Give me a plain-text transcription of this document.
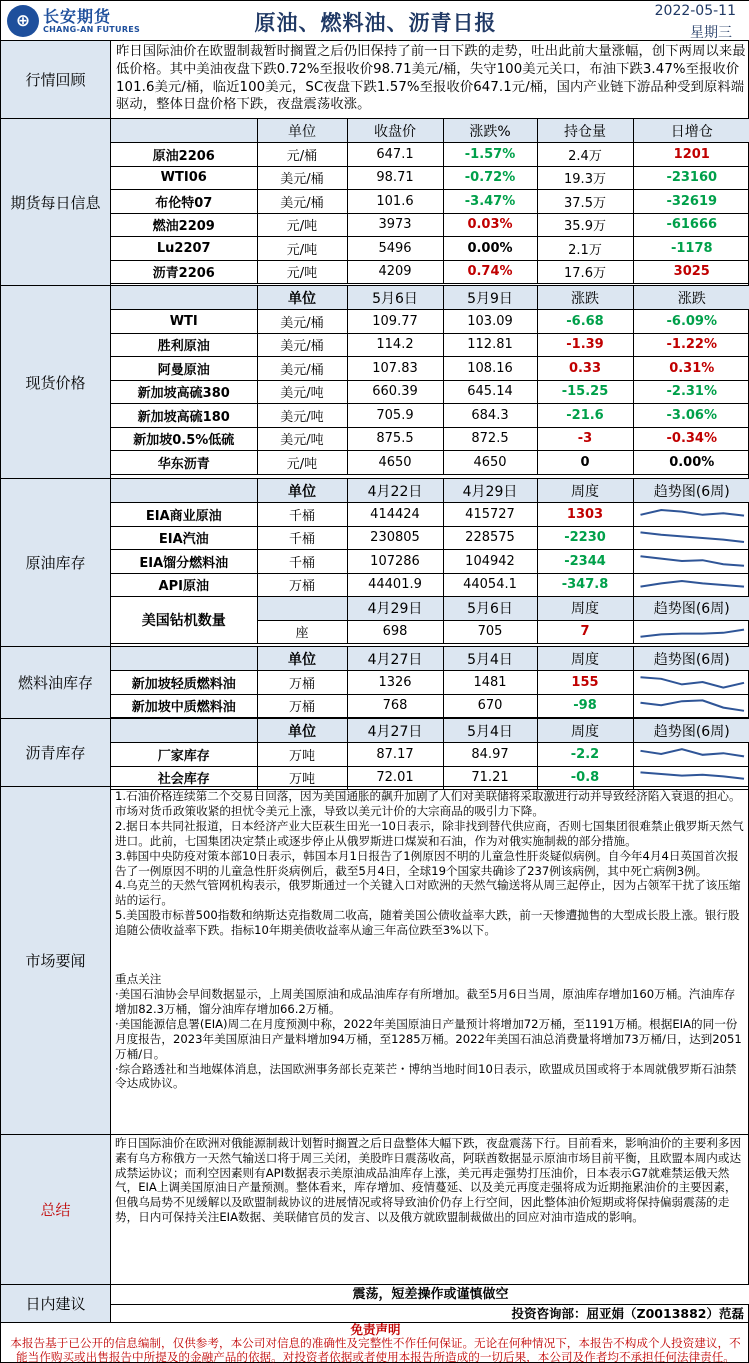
⊕ 长安期货
CHANG-AN FUTURES	原油、燃料油、沥青日报	2022-05-11
星期三
行情回顾
昨日国际油价在欧盟制裁暂时搁置之后仍旧保持了前一日下跌的走势，吐出此前大量涨幅，创下两周以来最低价格。其中美油夜盘下跌0.72%至报收价98.71美元/桶，失守100美元关口，布油下跌3.47%至报收价101.6美元/桶，临近100美元，SC夜盘下跌1.57%至报收价647.1元/桶，国内产业链下游品种受到原料端驱动，整体日盘价格下跌，夜盘震荡收涨。
期货每日信息
	单位	收盘价	涨跌%	持仓量	日增仓
原油2206	元/桶	647.1	-1.57%	2.4万	1201
WTI06	美元/桶	98.71	-0.72%	19.3万	-23160
布伦特07	美元/桶	101.6	-3.47%	37.5万	-32619
燃油2209	元/吨	3973	0.03%	35.9万	-61666
Lu2207	元/吨	5496	0.00%	2.1万	-1178
沥青2206	元/吨	4209	0.74%	17.6万	3025
现货价格
	单位	5月6日	5月9日	涨跌	涨跌
WTI	美元/桶	109.77	103.09	-6.68	-6.09%
胜利原油	美元/桶	114.2	112.81	-1.39	-1.22%
阿曼原油	美元/桶	107.83	108.16	0.33	0.31%
新加坡高硫380	美元/吨	660.39	645.14	-15.25	-2.31%
新加坡高硫180	美元/吨	705.9	684.3	-21.6	-3.06%
新加坡0.5%低硫	美元/吨	875.5	872.5	-3	-0.34%
华东沥青	元/吨	4650	4650	0	0.00%
原油库存
	单位	4月22日	4月29日	周度	趋势图(6周)
EIA商业原油	千桶	414424	415727	1303	

EIA汽油	千桶	230805	228575	-2230	

EIA馏分燃料油	千桶	107286	104942	-2344	

API原油	万桶	44401.9	44054.1	-347.8	

美国钻机数量		4月29日	5月6日	周度	趋势图(6周)
	座	698	705	7	
燃料油库存
	单位	4月27日	5月4日	周度	趋势图(6周)
新加坡轻质燃料油	万桶	1326	1481	155	

新加坡中质燃料油	万桶	768	670	-98	
沥青库存
	单位	4月27日	5月4日	周度	趋势图(6周)
厂家库存	万吨	87.17	84.97	-2.2	

社会库存	万吨	72.01	71.21	-0.8	
市场要闻

1.石油价格连续第二个交易日回落，因为美国通胀的飙升加剧了人们对美联储将采取激进行动并导致经济陷入衰退的担心。市场对货币政策收紧的担忧令美元上涨，导致以美元计价的大宗商品的吸引力下降。

2.据日本共同社报道，日本经济产业大臣萩生田光一10日表示，除非找到替代供应商，否则七国集团很难禁止俄罗斯天然气进口。此前，七国集团决定禁止或逐步停止从俄罗斯进口煤炭和石油，作为对俄实施制裁的部分措施。

3.韩国中央防疫对策本部10日表示，韩国本月1日报告了1例原因不明的儿童急性肝炎疑似病例。自今年4月4日英国首次报告了一例原因不明的儿童急性肝炎病例后，截至5月4日，全球19个国家共确诊了237例该病例，其中死亡病例3例。

4.乌克兰的天然气管网机构表示，俄罗斯通过一个关键入口对欧洲的天然气输送将从周三起停止，因为占领军干扰了该压缩站的运行。

5.美国股市标普500指数和纳斯达克指数周二收高，随着美国公债收益率大跌，前一天惨遭抛售的大型成长股上涨。银行股追随公债收益率下跌。指标10年期美债收益率从逾三年高位跌至3%以下。

重点关注

·美国石油协会早间数据显示，上周美国原油和成品油库存有所增加。截至5月6日当周，原油库存增加160万桶。汽油库存增加82.3万桶，馏分油库存增加66.2万桶。

·美国能源信息署(EIA)周二在月度预测中称，2022年美国原油日产量预计将增加72万桶，至1191万桶。根据EIA的同一份月度报告，2023年美国原油日产量料增加94万桶，至1285万桶。2022年美国石油总消费量将增加73万桶/日，达到2051万桶/日。

·综合路透社和当地媒体消息，法国欧洲事务部长克莱芒・博纳当地时间10日表示，欧盟成员国或将于本周就俄罗斯石油禁令达成协议。

总结
昨日国际油价在欧洲对俄能源制裁计划暂时搁置之后日盘整体大幅下跌，夜盘震荡下行。目前看来，影响油价的主要利多因素有乌方称俄方一天然气输送口将于周三关闭，美股昨日震荡收高，阿联酋数据显示原油市场目前平衡，且欧盟本周内或达成禁运协议；而利空因素则有API数据表示美原油成品油库存上涨，美元再走强势打压油价，日本表示G7就难禁运俄天然气，EIA上调美国原油日产量预测。整体看来，库存增加、疫情蔓延、以及美元再度走强将成为近期拖累油价的主要因素，但俄乌局势不见缓解以及欧盟制裁协议的进展情况或将导致油价仍存上行空间，因此整体油价短期或将保持偏弱震荡的走势，日内可保持关注EIA数据、美联储官员的发言、以及俄方就欧盟制裁做出的回应对油市造成的影响。
日内建议
震荡，短差操作或谨慎做空
投资咨询部：屈亚娟（Z0013882）范磊
免责声明
本报告基于已公开的信息编制，仅供参考，本公司对信息的准确性及完整性不作任何保证。无论在何种情况下，本报告不构成个人投资建议，不能当作购买或出售报告中所提及的金融产品的依据。对投资者依据或者使用本报告所造成的一切后果，本公司及作者均不承担任何法律责任。
